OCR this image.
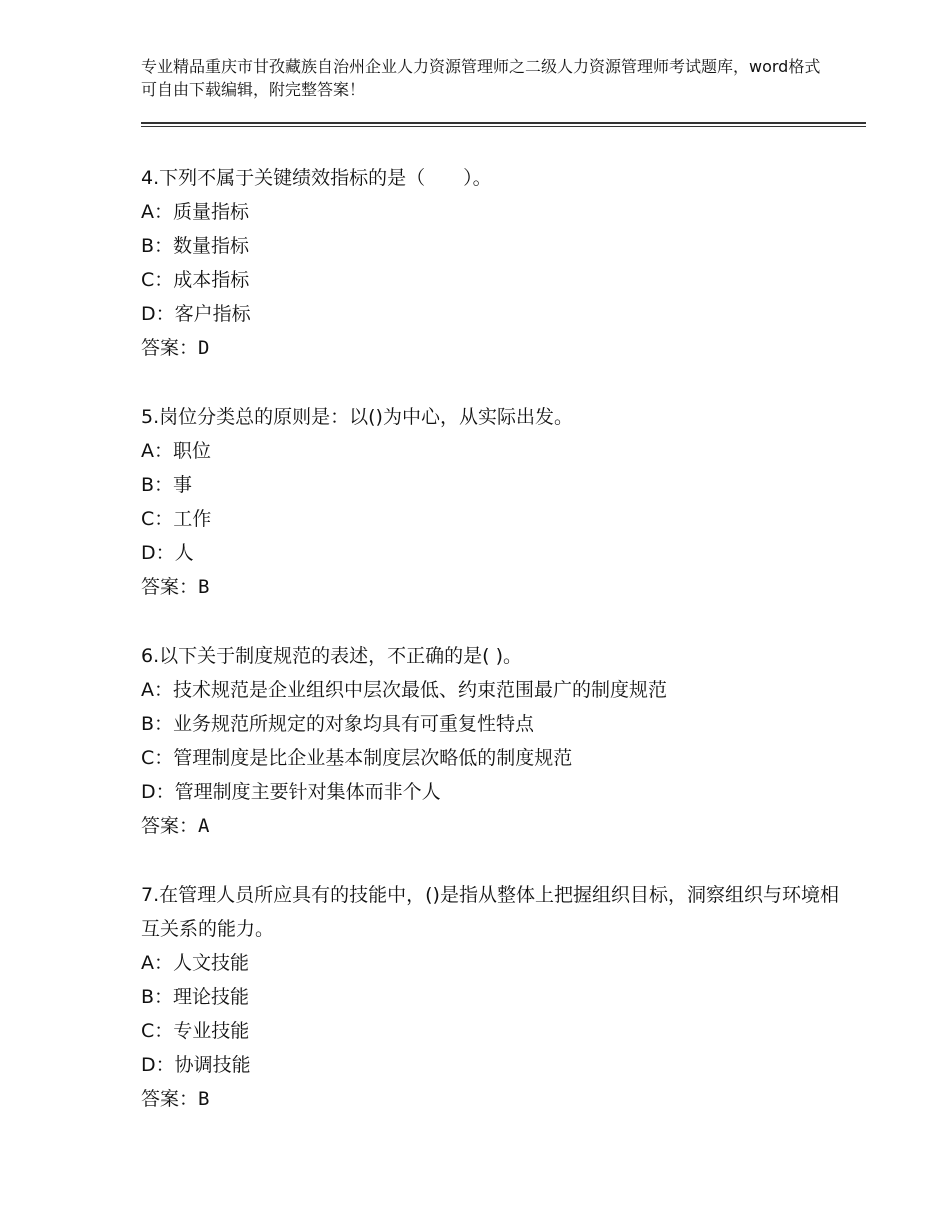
专业精品重庆市甘孜藏族自治州企业人力资源管理师之二级人力资源管理师考试题库，word格式可自由下载编辑，附完整答案！
4.下列不属于关键绩效指标的是（　　）。
A：质量指标
B：数量指标
C：成本指标
D：客户指标
答案：D
5.岗位分类总的原则是：以()为中心，从实际出发。
A：职位
B：事
C：工作
D：人
答案：B
6.以下关于制度规范的表述，不正确的是( )。
A：技术规范是企业组织中层次最低、约束范围最广的制度规范
B：业务规范所规定的对象均具有可重复性特点
C：管理制度是比企业基本制度层次略低的制度规范
D：管理制度主要针对集体而非个人
答案：A
7.在管理人员所应具有的技能中，()是指从整体上把握组织目标，洞察组织与环境相互关系的能力。
A：人文技能
B：理论技能
C：专业技能
D：协调技能
答案：B
